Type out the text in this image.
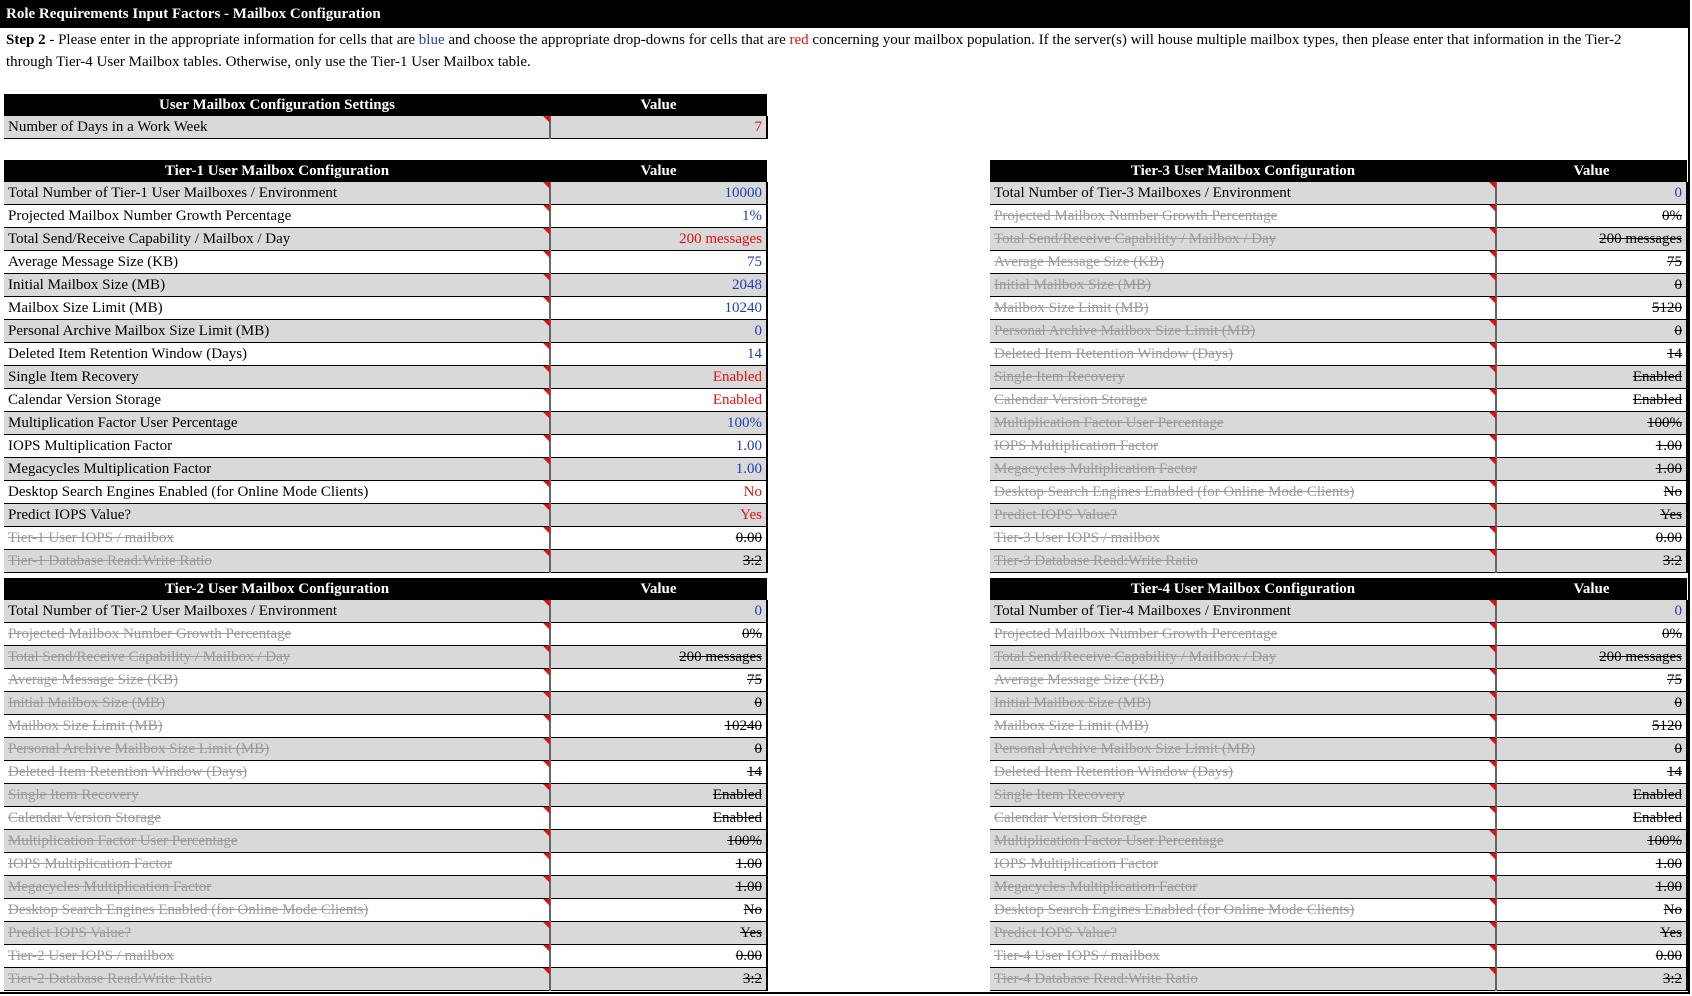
Role Requirements Input Factors - Mailbox Configuration
Step 2 - Please enter in the appropriate information for cells that are blue and choose the appropriate drop-downs for cells that are red concerning your mailbox population. If the server(s) will house multiple mailbox types, then please enter that information in the Tier-2 through Tier-4 User Mailbox tables. Otherwise, only use the Tier-1 User Mailbox table.
User Mailbox Configuration Settings	Value
Number of Days in a Work Week	7
Tier-1 User Mailbox Configuration	Value
Total Number of Tier-1 User Mailboxes / Environment	10000
Projected Mailbox Number Growth Percentage	1%
Total Send/Receive Capability / Mailbox / Day	200 messages
Average Message Size (KB)	75
Initial Mailbox Size (MB)	2048
Mailbox Size Limit (MB)	10240
Personal Archive Mailbox Size Limit (MB)	0
Deleted Item Retention Window (Days)	14
Single Item Recovery	Enabled
Calendar Version Storage	Enabled
Multiplication Factor User Percentage	100%
IOPS Multiplication Factor	1.00
Megacycles Multiplication Factor	1.00
Desktop Search Engines Enabled (for Online Mode Clients)	No
Predict IOPS Value?	Yes
Tier-1 User IOPS / mailbox	0.00
Tier-1 Database Read:Write Ratio	3:2
Tier-2 User Mailbox Configuration	Value
Total Number of Tier-2 User Mailboxes / Environment	0
Projected Mailbox Number Growth Percentage	0%
Total Send/Receive Capability / Mailbox / Day	200 messages
Average Message Size (KB)	75
Initial Mailbox Size (MB)	0
Mailbox Size Limit (MB)	10240
Personal Archive Mailbox Size Limit (MB)	0
Deleted Item Retention Window (Days)	14
Single Item Recovery	Enabled
Calendar Version Storage	Enabled
Multiplication Factor User Percentage	100%
IOPS Multiplication Factor	1.00
Megacycles Multiplication Factor	1.00
Desktop Search Engines Enabled (for Online Mode Clients)	No
Predict IOPS Value?	Yes
Tier-2 User IOPS / mailbox	0.00
Tier-2 Database Read:Write Ratio	3:2
Tier-3 User Mailbox Configuration	Value
Total Number of Tier-3 Mailboxes / Environment	0
Projected Mailbox Number Growth Percentage	0%
Total Send/Receive Capability / Mailbox / Day	200 messages
Average Message Size (KB)	75
Initial Mailbox Size (MB)	0
Mailbox Size Limit (MB)	5120
Personal Archive Mailbox Size Limit (MB)	0
Deleted Item Retention Window (Days)	14
Single Item Recovery	Enabled
Calendar Version Storage	Enabled
Multiplication Factor User Percentage	100%
IOPS Multiplication Factor	1.00
Megacycles Multiplication Factor	1.00
Desktop Search Engines Enabled (for Online Mode Clients)	No
Predict IOPS Value?	Yes
Tier-3 User IOPS / mailbox	0.00
Tier-3 Database Read:Write Ratio	3:2
Tier-4 User Mailbox Configuration	Value
Total Number of Tier-4 Mailboxes / Environment	0
Projected Mailbox Number Growth Percentage	0%
Total Send/Receive Capability / Mailbox / Day	200 messages
Average Message Size (KB)	75
Initial Mailbox Size (MB)	0
Mailbox Size Limit (MB)	5120
Personal Archive Mailbox Size Limit (MB)	0
Deleted Item Retention Window (Days)	14
Single Item Recovery	Enabled
Calendar Version Storage	Enabled
Multiplication Factor User Percentage	100%
IOPS Multiplication Factor	1.00
Megacycles Multiplication Factor	1.00
Desktop Search Engines Enabled (for Online Mode Clients)	No
Predict IOPS Value?	Yes
Tier-4 User IOPS / mailbox	0.00
Tier-4 Database Read:Write Ratio	3:2
